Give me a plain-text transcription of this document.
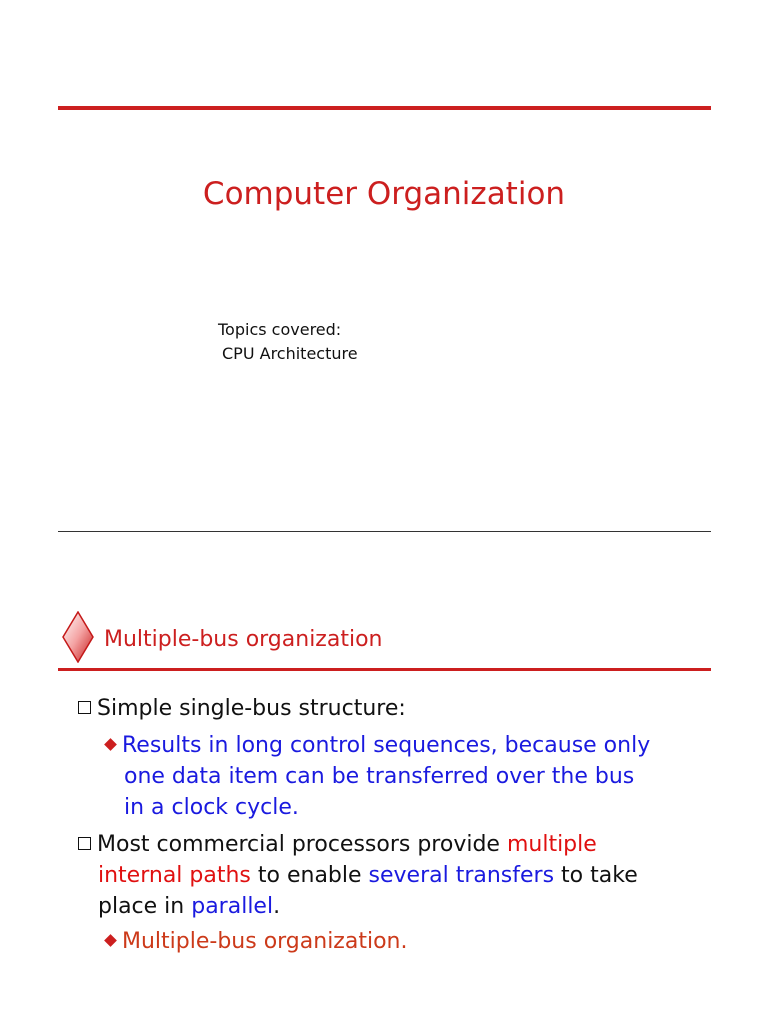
Computer Organization
Topics covered:
CPU Architecture
Multiple-bus organization
Simple single-bus structure:
Results in long control sequences, because only
one data item can be transferred over the bus
in a clock cycle.
Most commercial processors provide multiple
internal paths to enable several transfers to take
place in parallel.
Multiple-bus organization.
